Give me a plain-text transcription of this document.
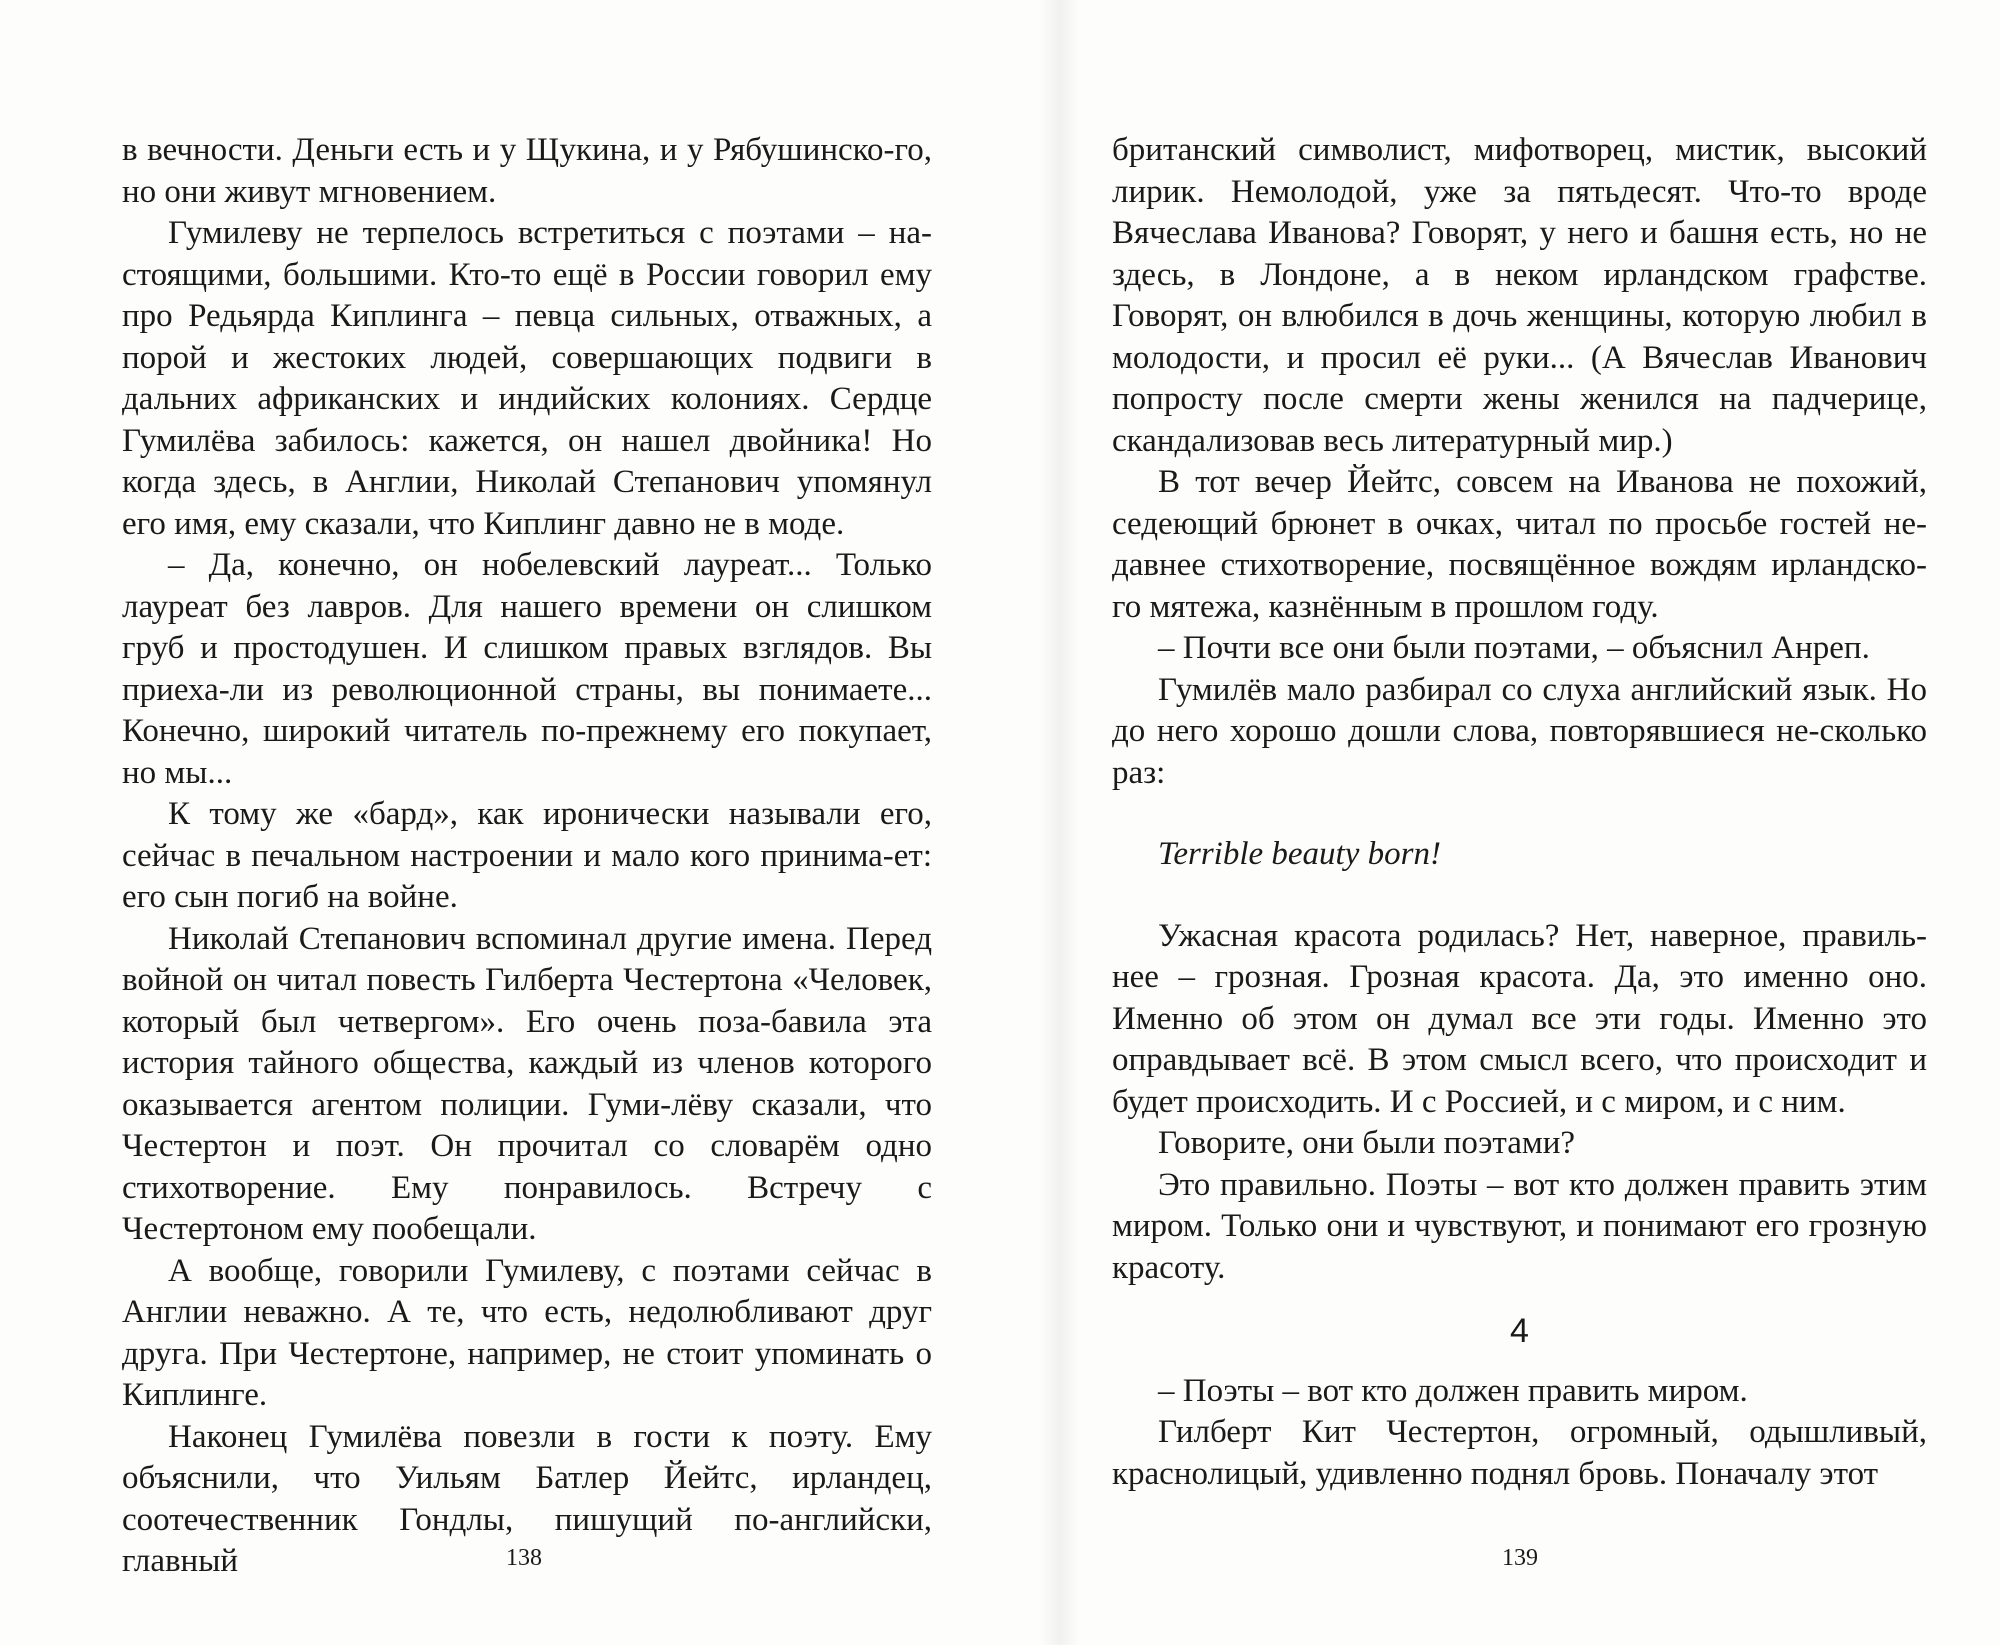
в вечности. Деньги есть и у Щукина, и у Рябушинско-го, но они живут мгновением.

Гумилеву не терпелось встретиться с поэтами – на-стоящими, большими. Кто-то ещё в России говорил ему про Редьярда Киплинга – певца сильных, отважных, а порой и жестоких людей, совершающих подвиги в дальних африканских и индийских колониях. Сердце Гумилёва забилось: кажется, он нашел двойника! Но когда здесь, в Англии, Николай Степанович упомянул его имя, ему сказали, что Киплинг давно не в моде.

– Да, конечно, он нобелевский лауреат... Только лауреат без лавров. Для нашего времени он слишком груб и простодушен. И слишком правых взглядов. Вы приеха-ли из революционной страны, вы понимаете... Конечно, широкий читатель по-прежнему его покупает, но мы...

К тому же «бард», как иронически называли его, сейчас в печальном настроении и мало кого принима-ет: его сын погиб на войне.

Николай Степанович вспоминал другие имена. Перед войной он читал повесть Гилберта Честертона «Человек, который был четвергом». Его очень поза-бавила эта история тайного общества, каждый из членов которого оказывается агентом полиции. Гуми-лёву сказали, что Честертон и поэт. Он прочитал со словарём одно стихотворение. Ему понравилось. Встречу с Честертоном ему пообещали.

А вообще, говорили Гумилеву, с поэтами сейчас в Англии неважно. А те, что есть, недолюбливают друг друга. При Честертоне, например, не стоит упоминать о Киплинге.

Наконец Гумилёва повезли в гости к поэту. Ему объяснили, что Уильям Батлер Йейтс, ирландец, соотечественник Гондлы, пишущий по-английски, главный

британский символист, мифотворец, мистик, высокий лирик. Немолодой, уже за пятьдесят. Что-то вроде Вячеслава Иванова? Говорят, у него и башня есть, но не здесь, в Лондоне, а в неком ирландском графстве. Говорят, он влюбился в дочь женщины, которую любил в молодости, и просил её руки... (А Вячеслав Иванович попросту после смерти жены женился на падчерице, скандализовав весь литературный мир.)

В тот вечер Йейтс, совсем на Иванова не похожий, седеющий брюнет в очках, читал по просьбе гостей не-давнее стихотворение, посвящённое вождям ирландско-го мятежа, казнённым в прошлом году.

– Почти все они были поэтами, – объяснил Анреп.

Гумилёв мало разбирал со слуха английский язык. Но до него хорошо дошли слова, повторявшиеся не-сколько раз:

Terrible beauty born!

Ужасная красота родилась? Нет, наверное, правиль-нее – грозная. Грозная красота. Да, это именно оно. Именно об этом он думал все эти годы. Именно это оправдывает всё. В этом смысл всего, что происходит и будет происходить. И с Россией, и с миром, и с ним.

Говорите, они были поэтами?

Это правильно. Поэты – вот кто должен править этим миром. Только они и чувствуют, и понимают его грозную красоту.

4

– Поэты – вот кто должен править миром.

Гилберт Кит Честертон, огромный, одышливый, краснолицый, удивленно поднял бровь. Поначалу этот

138	139
